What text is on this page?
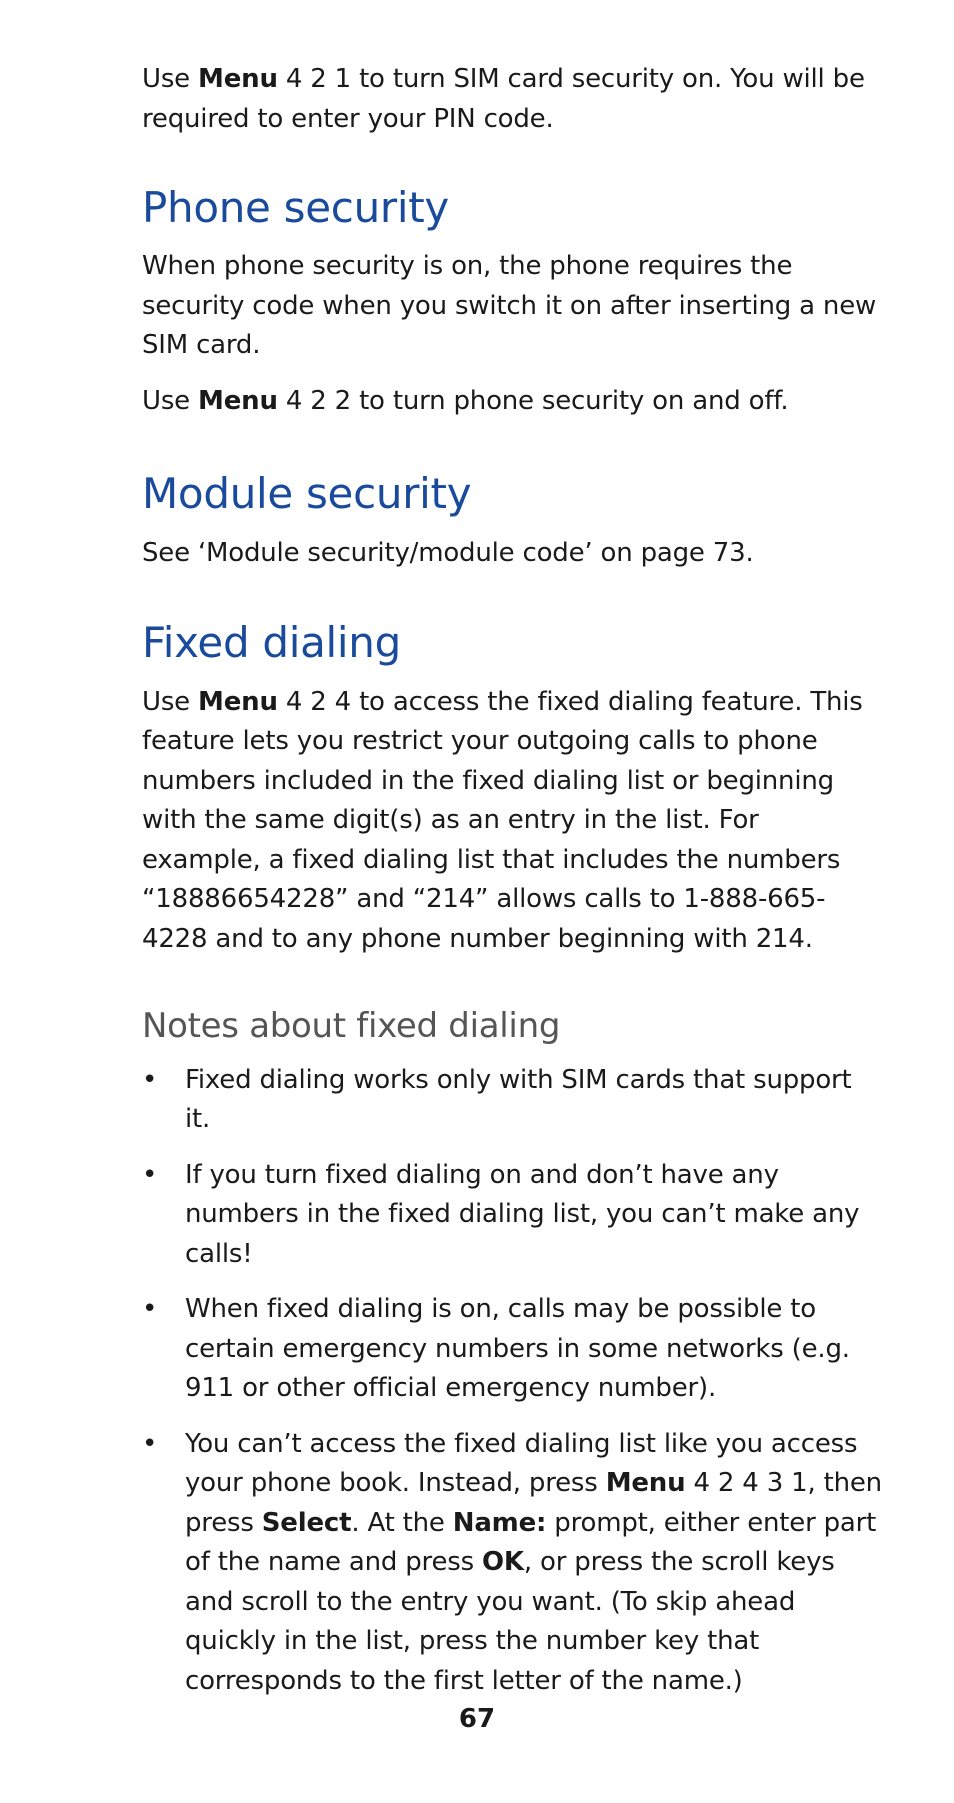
Use Menu 4 2 1 to turn SIM card security on. You will be required to enter your PIN code.

Phone security

When phone security is on, the phone requires the security code when you switch it on after inserting a new SIM card.

Use Menu 4 2 2 to turn phone security on and off.

Module security

See ‘Module security/module code’ on page 73.

Fixed dialing

Use Menu 4 2 4 to access the fixed dialing feature. This feature lets you restrict your outgoing calls to phone numbers included in the fixed dialing list or beginning with the same digit(s) as an entry in the list. For example, a fixed dialing list that includes the numbers “18886654228” and “214” allows calls to 1-888-665-4228 and to any phone number beginning with 214.

Notes about fixed dialing
• Fixed dialing works only with SIM cards that support it.
• If you turn fixed dialing on and don’t have any numbers in the fixed dialing list, you can’t make any calls!
• When fixed dialing is on, calls may be possible to certain emergency numbers in some networks (e.g. 911 or other official emergency number).
• You can’t access the fixed dialing list like you access your phone book. Instead, press Menu 4 2 4 3 1, then press Select. At the Name: prompt, either enter part of the name and press OK, or press the scroll keys and scroll to the entry you want. (To skip ahead quickly in the list, press the number key that corresponds to the first letter of the name.)
67
